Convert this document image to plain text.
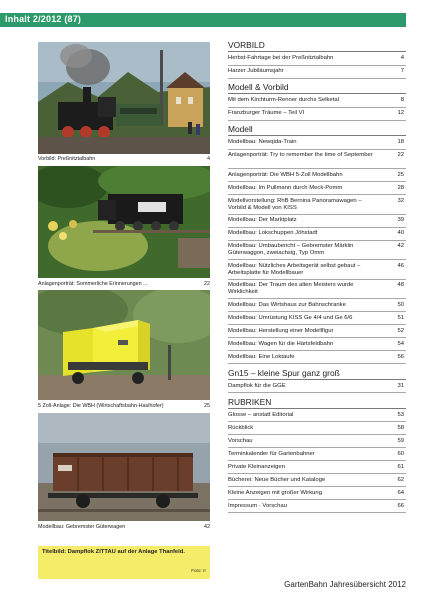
Inhalt 2/2012 (87)
Vorbild: Preßnitztalbahn	4
Anlagenporträt: Sommerliche Erinnerungen ...	22
5 Zoll-Anlage: Die WBH (Wirtschaftsbahn-Haslhofer)	25
Modellbau: Gebremster Güterwagen	42
Titelbild: Dampflok ZITTAU auf der Anlage Thanfeld.
Foto: rr
VORBILD
Herbst-Fahrtage bei der Preßnitztalbahn	4
Harzer Jubiläumsjahr	7
Modell & Vorbild
Mit dem Kirchturm-Renner durchs Selketal	8
Franzburger Träume – Teil VI	12
Modell
Modellbau: Newqida-Train	18
Anlagenporträt: Try to remember the time of September	22
Anlagenporträt: Die WBH 5-Zoll Modellbahn	25
Modellbau: Im Pullmann durch Meck-Pomm	28
Modellvorstellung: RhB Bernina Panoramawagen – Vorbild & Modell von KISS
32
Modellbau: Der Marktplatz	39
Modellbau: Lokschuppen Jöhstadt	40
Modellbau: Umbaubericht – Gebremster Märklin Güterwaggon, zweiachsig, Typ Omm
42
Modellbau: Nützliches Arbeitsgerät selbst gebaut – Arbeitsplatte für Modellbauer
46
Modellbau: Der Traum des alten Meisters wurde Wirklichkeit
48
Modellbau: Das Wirtshaus zur Bahnschranke	50
Modellbau: Umrüstung KISS Ge 4/4 und Ge 6/6	51
Modellbau: Herstellung einer Modellfigur	52
Modellbau: Wagen für die Härtsfeldbahn	54
Modellbau: Eine Loktaufe	56
Gn15 – kleine Spur ganz groß
Dampflok für die GGE	31
RUBRIKEN
Glosse – anstatt Editorial	53
Rückblick	58
Vorschau	59
Terminkalender für Gartenbahner	60
Private Kleinanzeigen	61
Bücherei: Neue Bücher und Kataloge	62
Kleine Anzeigen mit großer Wirkung	64
Impressum · Vorschau	66
GartenBahn Jahresübersicht 2012
